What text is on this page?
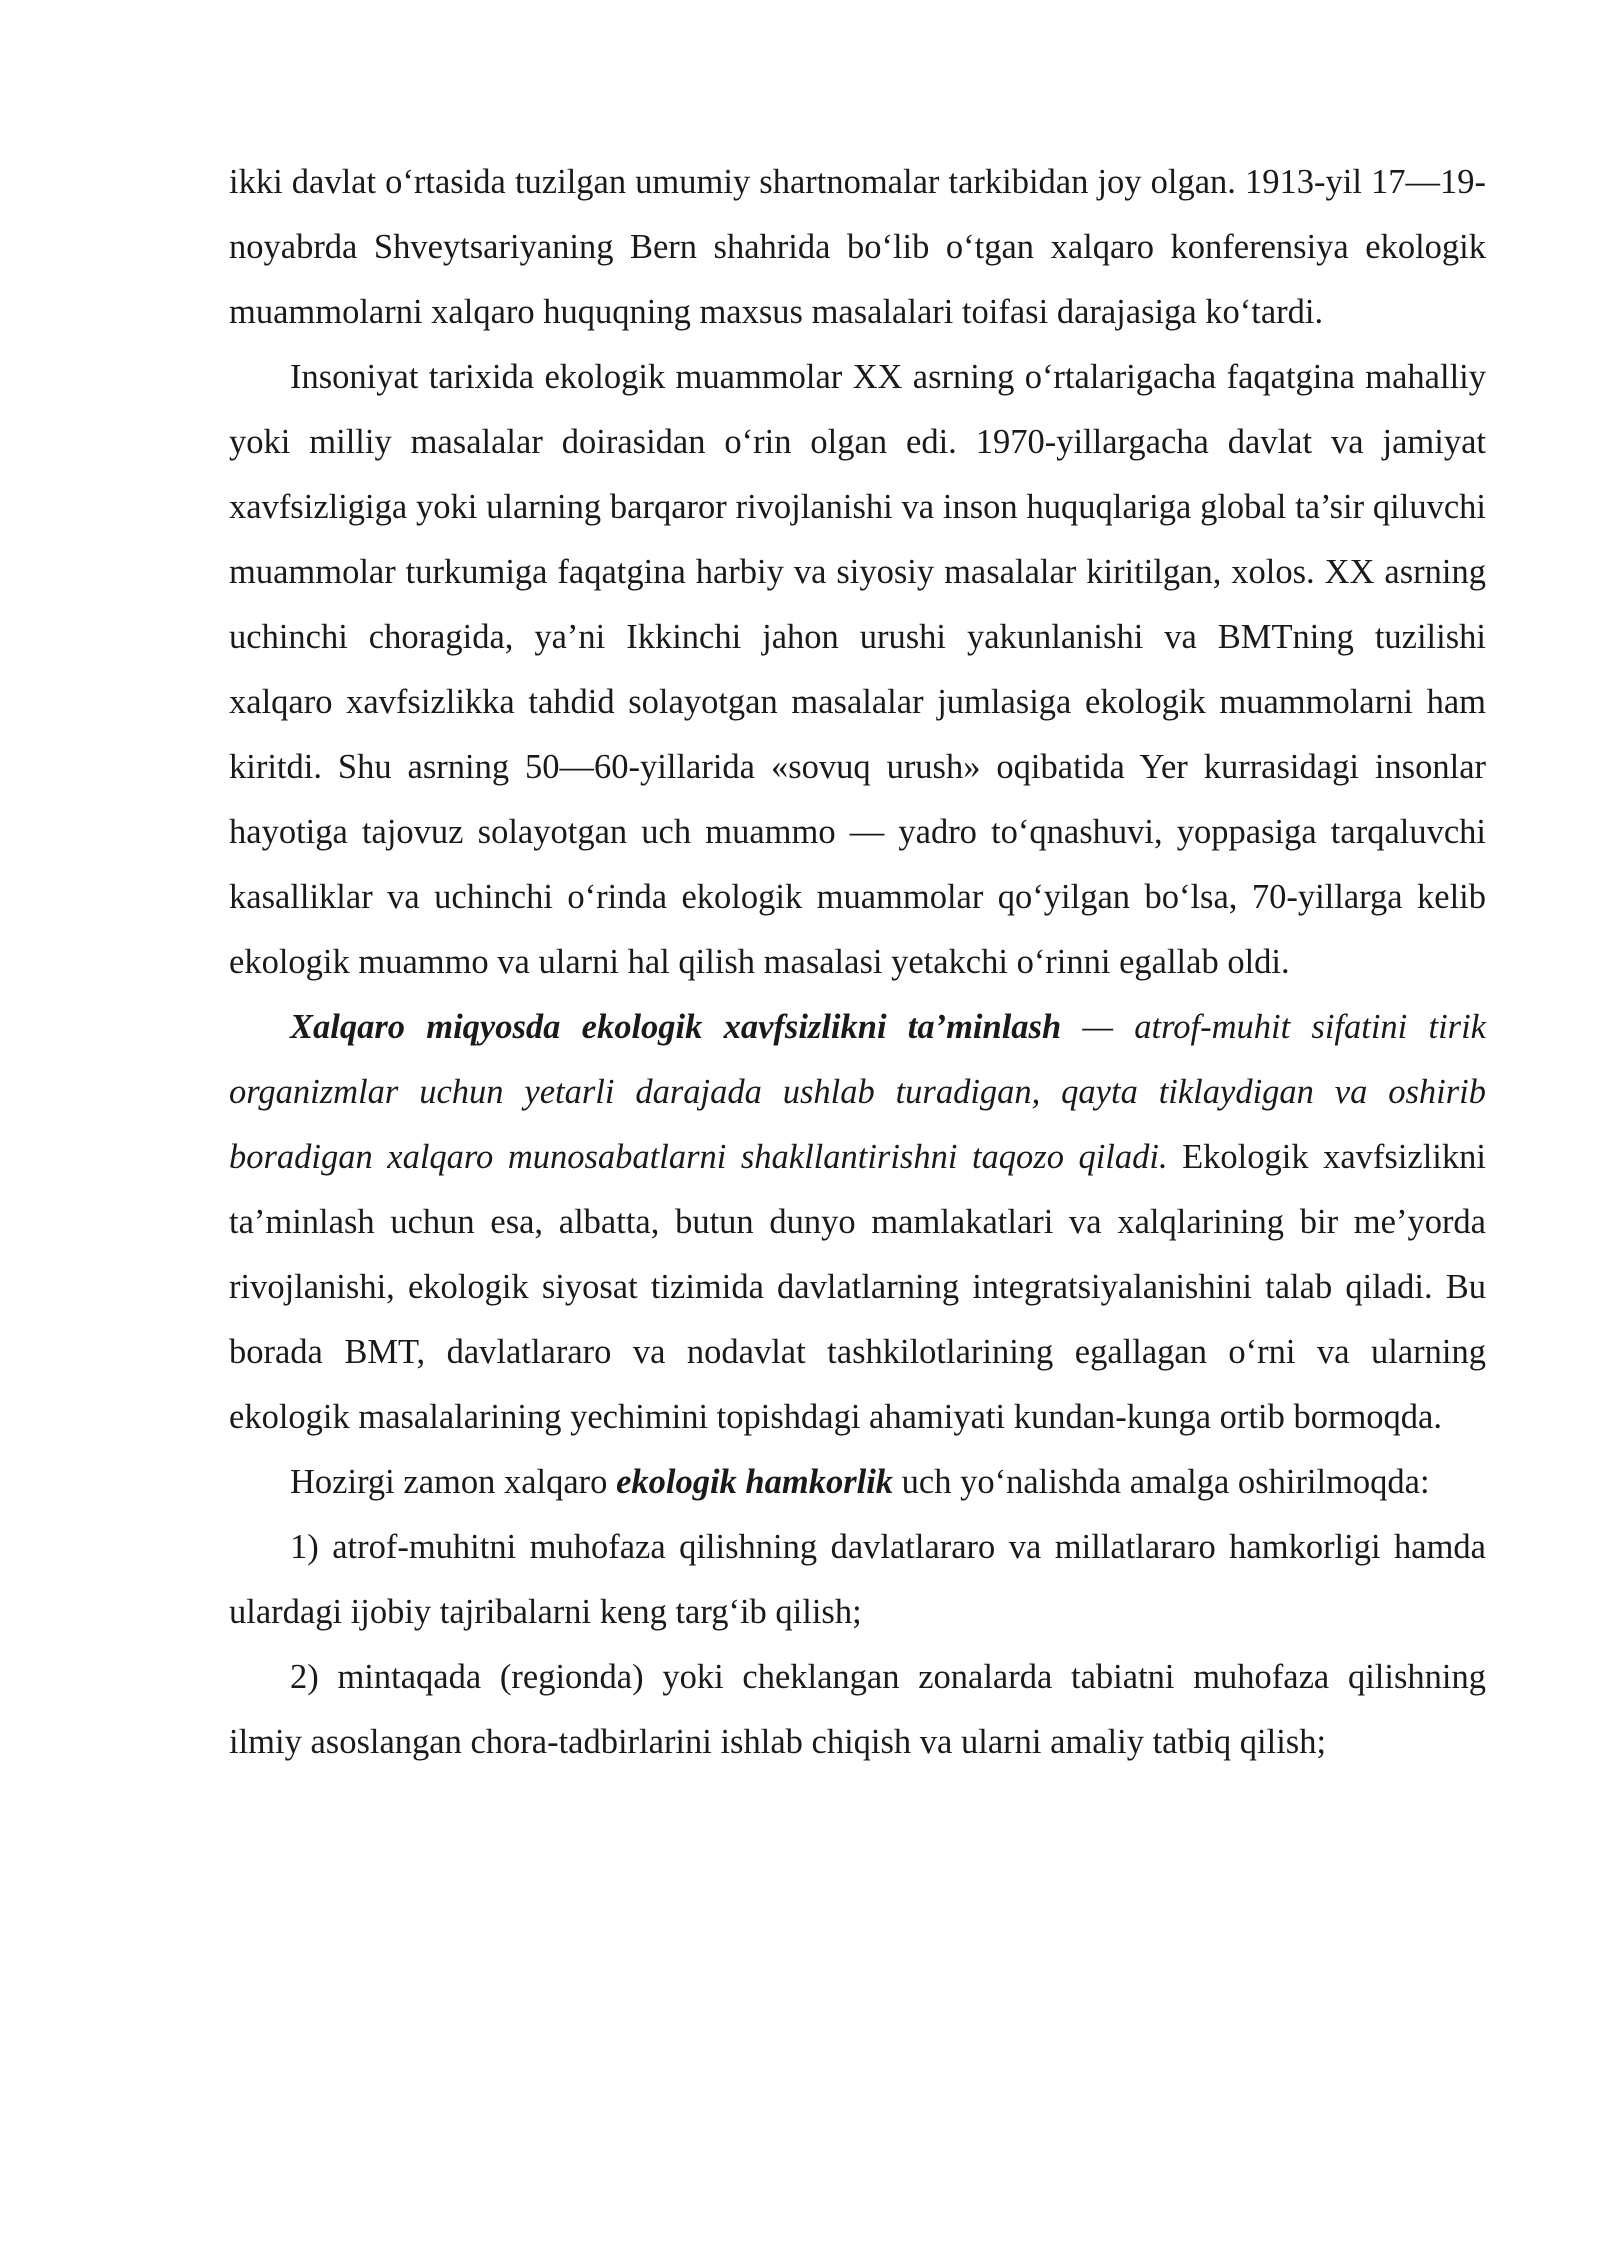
ikki davlat o‘rtasida tuzilgan umumiy shartnomalar tarkibidan joy olgan. 1913-yil 17—19-noyabrda Shveytsariyaning Bern shahrida bo‘lib o‘tgan xalqaro konferensiya ekologik muammolarni xalqaro huquqning maxsus masalalari toifasi darajasiga ko‘tardi.

Insoniyat tarixida ekologik muammolar XX asrning o‘rtalarigacha faqatgina mahalliy yoki milliy masalalar doirasidan o‘rin olgan edi. 1970-yillargacha davlat va jamiyat xavfsizligiga yoki ularning barqaror rivojlanishi va inson huquqlariga global ta’sir qiluvchi muammolar turkumiga faqatgina harbiy va siyosiy masalalar kiritilgan, xolos. XX asrning uchinchi choragida, ya’ni Ikkinchi jahon urushi yakunlanishi va BMTning tuzilishi xalqaro xavfsizlikka tahdid solayotgan masalalar jumlasiga ekologik muammolarni ham kiritdi. Shu asrning 50—60-yillarida «sovuq urush» oqibatida Yer kurrasidagi insonlar hayotiga tajovuz solayotgan uch muammo — yadro to‘qnashuvi, yoppasiga tarqaluvchi kasalliklar va uchinchi o‘rinda ekologik muammolar qo‘yilgan bo‘lsa, 70-yillarga kelib ekologik muammo va ularni hal qilish masalasi yetakchi o‘rinni egallab oldi.

Xalqaro miqyosda ekologik xavfsizlikni ta’minlash — atrof-muhit sifatini tirik organizmlar uchun yetarli darajada ushlab turadigan, qayta tiklaydigan va oshirib boradigan xalqaro munosabatlarni shakllantirishni taqozo qiladi. Ekologik xavfsizlikni ta’minlash uchun esa, albatta, butun dunyo mamlakatlari va xalqlarining bir me’yorda rivojlanishi, ekologik siyosat tizimida davlatlarning integratsiyalanishini talab qiladi. Bu borada BMT, davlatlararo va nodavlat tashkilotlarining egallagan o‘rni va ularning ekologik masalalarining yechimini topishdagi ahamiyati kundan-kunga ortib bormoqda.

Hozirgi zamon xalqaro ekologik hamkorlik uch yo‘nalishda amalga oshirilmoqda:

1) atrof-muhitni muhofaza qilishning davlatlararo va millatlararo hamkorligi hamda ulardagi ijobiy tajribalarni keng targ‘ib qilish;

2) mintaqada (regionda) yoki cheklangan zonalarda tabiatni muhofaza qilishning ilmiy asoslangan chora-tadbirlarini ishlab chiqish va ularni amaliy tatbiq qilish;
